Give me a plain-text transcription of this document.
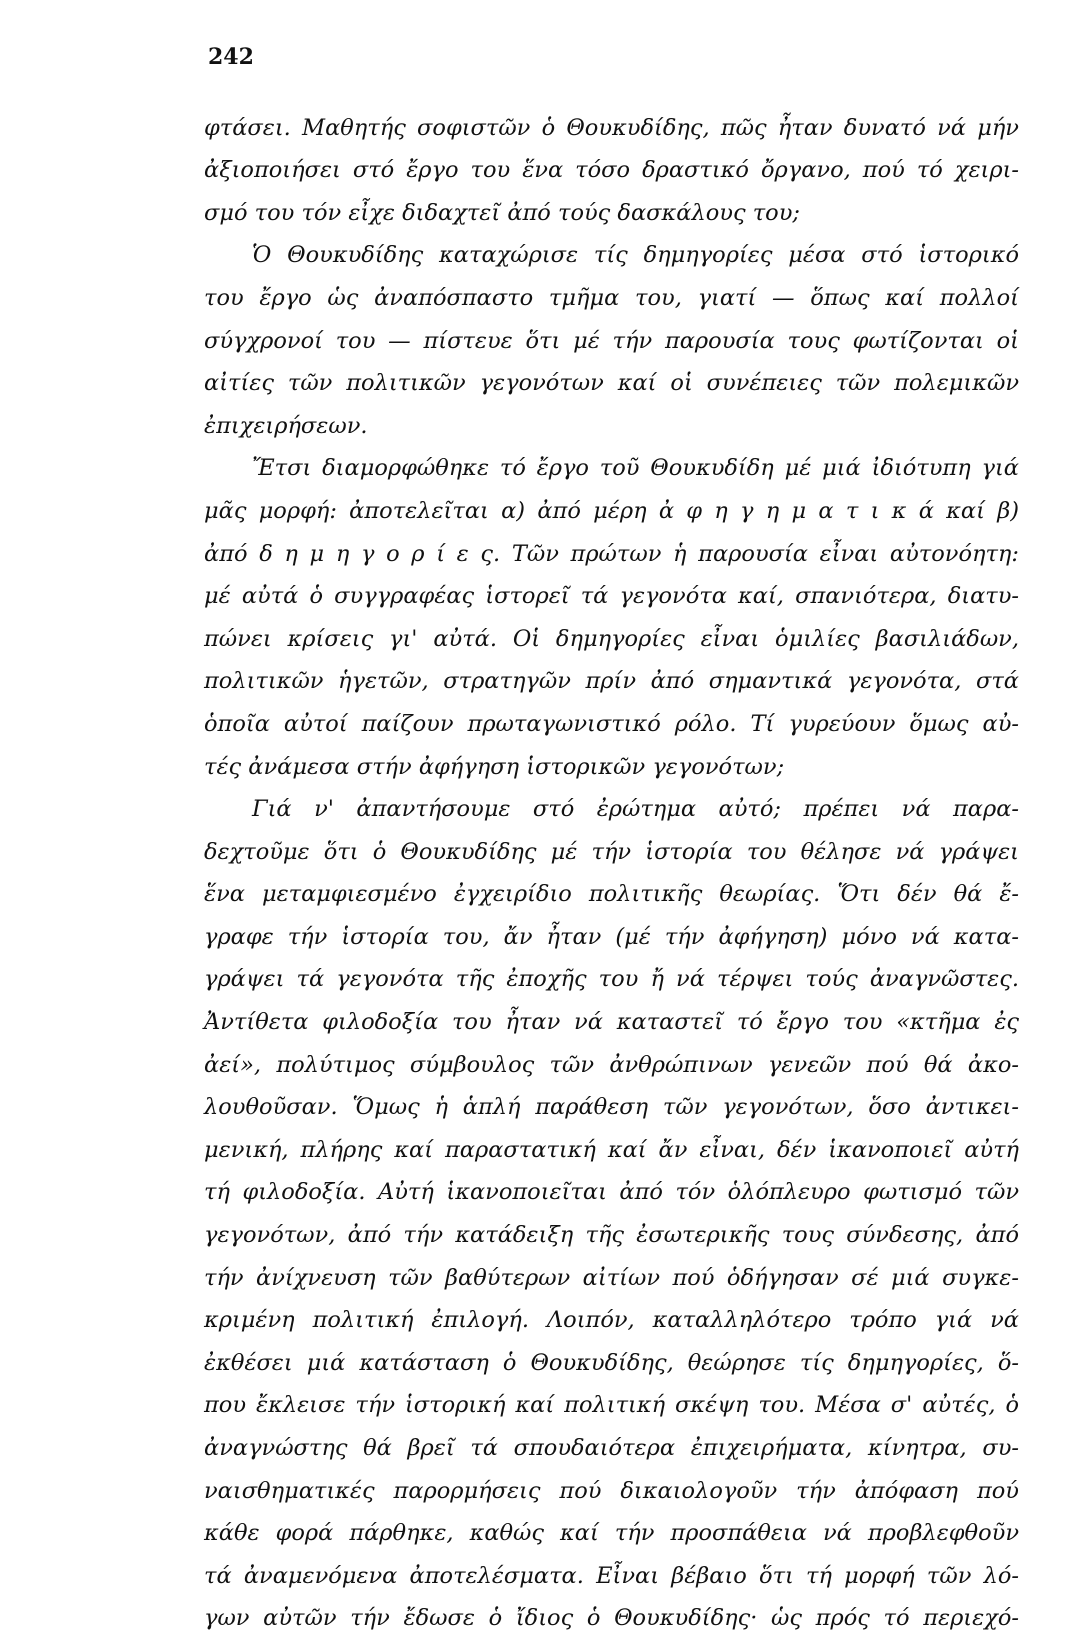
242
φτάσει. Μαθητής σοφιστῶν ὁ Θουκυδίδης, πῶς ἦταν δυνατό νά μήν
ἀξιοποιήσει στό ἔργο του ἕνα τόσο δραστικό ὄργανο, πού τό χειρι-
σμό του τόν εἶχε διδαχτεῖ ἀπό τούς δασκάλους του;
Ὁ Θουκυδίδης καταχώρισε τίς δημηγορίες μέσα στό ἱστορικό
του ἔργο ὡς ἀναπόσπαστο τμῆμα του, γιατί — ὅπως καί πολλοί
σύγχρονοί του — πίστευε ὅτι μέ τήν παρουσία τους φωτίζονται οἱ
αἰτίες τῶν πολιτικῶν γεγονότων καί οἱ συνέπειες τῶν πολεμικῶν
ἐπιχειρήσεων.
Ἔτσι διαμορφώθηκε τό ἔργο τοῦ Θουκυδίδη μέ μιά ἰδιότυπη γιά
μᾶς μορφή: ἀποτελεῖται α) ἀπό μέρη ἀ φ η γ η μ α τ ι κ ά καί β)
ἀπό δ η μ η γ ο ρ ί ε ς. Τῶν πρώτων ἡ παρουσία εἶναι αὐτονόητη:
μέ αὐτά ὁ συγγραφέας ἱστορεῖ τά γεγονότα καί, σπανιότερα, διατυ-
πώνει κρίσεις γι' αὐτά. Οἱ δημηγορίες εἶναι ὁμιλίες βασιλιάδων,
πολιτικῶν ἡγετῶν, στρατηγῶν πρίν ἀπό σημαντικά γεγονότα, στά
ὁποῖα αὐτοί παίζουν πρωταγωνιστικό ρόλο. Τί γυρεύουν ὅμως αὐ-
τές ἀνάμεσα στήν ἀφήγηση ἱστορικῶν γεγονότων;
Γιά ν' ἀπαντήσουμε στό ἐρώτημα αὐτό; πρέπει νά παρα-
δεχτοῦμε ὅτι ὁ Θουκυδίδης μέ τήν ἱστορία του θέλησε νά γράψει
ἕνα μεταμφιεσμένο ἐγχειρίδιο πολιτικῆς θεωρίας. Ὅτι δέν θά ἔ-
γραφε τήν ἱστορία του, ἄν ἦταν (μέ τήν ἀφήγηση) μόνο νά κατα-
γράψει τά γεγονότα τῆς ἐποχῆς του ἤ νά τέρψει τούς ἀναγνῶστες.
Ἀντίθετα φιλοδοξία του ἦταν νά καταστεῖ τό ἔργο του «κτῆμα ἐς
ἀεί», πολύτιμος σύμβουλος τῶν ἀνθρώπινων γενεῶν πού θά ἀκο-
λουθοῦσαν. Ὅμως ἡ ἁπλή παράθεση τῶν γεγονότων, ὅσο ἀντικει-
μενική, πλήρης καί παραστατική καί ἄν εἶναι, δέν ἱκανοποιεῖ αὐτή
τή φιλοδοξία. Αὐτή ἱκανοποιεῖται ἀπό τόν ὁλόπλευρο φωτισμό τῶν
γεγονότων, ἀπό τήν κατάδειξη τῆς ἐσωτερικῆς τους σύνδεσης, ἀπό
τήν ἀνίχνευση τῶν βαθύτερων αἰτίων πού ὁδήγησαν σέ μιά συγκε-
κριμένη πολιτική ἐπιλογή. Λοιπόν, καταλληλότερο τρόπο γιά νά
ἐκθέσει μιά κατάσταση ὁ Θουκυδίδης, θεώρησε τίς δημηγορίες, ὅ-
που ἔκλεισε τήν ἱστορική καί πολιτική σκέψη του. Μέσα σ' αὐτές, ὁ
ἀναγνώστης θά βρεῖ τά σπουδαιότερα ἐπιχειρήματα, κίνητρα, συ-
ναισθηματικές παρορμήσεις πού δικαιολογοῦν τήν ἀπόφαση πού
κάθε φορά πάρθηκε, καθώς καί τήν προσπάθεια νά προβλεφθοῦν
τά ἀναμενόμενα ἀποτελέσματα. Εἶναι βέβαιο ὅτι τή μορφή τῶν λό-
γων αὐτῶν τήν ἔδωσε ὁ ἴδιος ὁ Θουκυδίδης· ὡς πρός τό περιεχό-
